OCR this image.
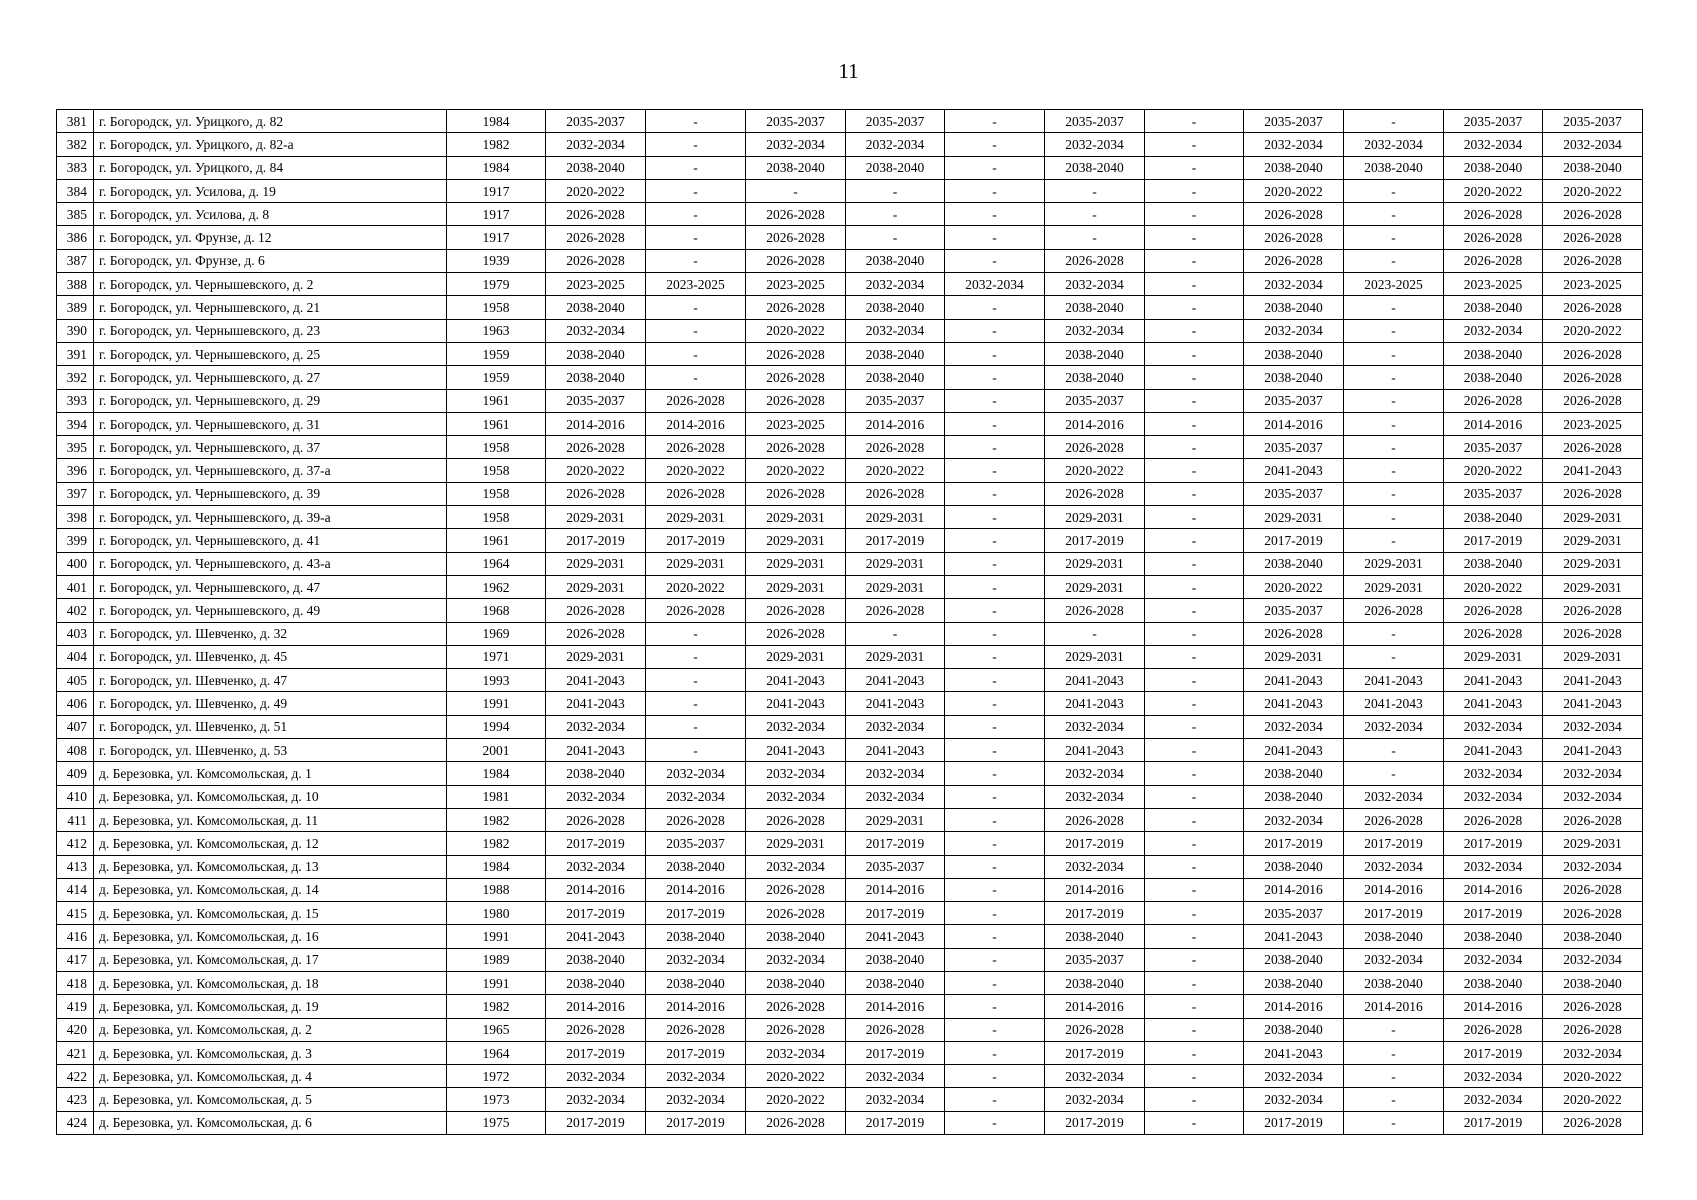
11
381	г. Богородск, ул. Урицкого, д. 82	1984	2035-2037	-	2035-2037	2035-2037	-	2035-2037	-	2035-2037	-	2035-2037	2035-2037
382	г. Богородск, ул. Урицкого, д. 82-а	1982	2032-2034	-	2032-2034	2032-2034	-	2032-2034	-	2032-2034	2032-2034	2032-2034	2032-2034
383	г. Богородск, ул. Урицкого, д. 84	1984	2038-2040	-	2038-2040	2038-2040	-	2038-2040	-	2038-2040	2038-2040	2038-2040	2038-2040
384	г. Богородск, ул. Усилова, д. 19	1917	2020-2022	-	-	-	-	-	-	2020-2022	-	2020-2022	2020-2022
385	г. Богородск, ул. Усилова, д. 8	1917	2026-2028	-	2026-2028	-	-	-	-	2026-2028	-	2026-2028	2026-2028
386	г. Богородск, ул. Фрунзе, д. 12	1917	2026-2028	-	2026-2028	-	-	-	-	2026-2028	-	2026-2028	2026-2028
387	г. Богородск, ул. Фрунзе, д. 6	1939	2026-2028	-	2026-2028	2038-2040	-	2026-2028	-	2026-2028	-	2026-2028	2026-2028
388	г. Богородск, ул. Чернышевского, д. 2	1979	2023-2025	2023-2025	2023-2025	2032-2034	2032-2034	2032-2034	-	2032-2034	2023-2025	2023-2025	2023-2025
389	г. Богородск, ул. Чернышевского, д. 21	1958	2038-2040	-	2026-2028	2038-2040	-	2038-2040	-	2038-2040	-	2038-2040	2026-2028
390	г. Богородск, ул. Чернышевского, д. 23	1963	2032-2034	-	2020-2022	2032-2034	-	2032-2034	-	2032-2034	-	2032-2034	2020-2022
391	г. Богородск, ул. Чернышевского, д. 25	1959	2038-2040	-	2026-2028	2038-2040	-	2038-2040	-	2038-2040	-	2038-2040	2026-2028
392	г. Богородск, ул. Чернышевского, д. 27	1959	2038-2040	-	2026-2028	2038-2040	-	2038-2040	-	2038-2040	-	2038-2040	2026-2028
393	г. Богородск, ул. Чернышевского, д. 29	1961	2035-2037	2026-2028	2026-2028	2035-2037	-	2035-2037	-	2035-2037	-	2026-2028	2026-2028
394	г. Богородск, ул. Чернышевского, д. 31	1961	2014-2016	2014-2016	2023-2025	2014-2016	-	2014-2016	-	2014-2016	-	2014-2016	2023-2025
395	г. Богородск, ул. Чернышевского, д. 37	1958	2026-2028	2026-2028	2026-2028	2026-2028	-	2026-2028	-	2035-2037	-	2035-2037	2026-2028
396	г. Богородск, ул. Чернышевского, д. 37-а	1958	2020-2022	2020-2022	2020-2022	2020-2022	-	2020-2022	-	2041-2043	-	2020-2022	2041-2043
397	г. Богородск, ул. Чернышевского, д. 39	1958	2026-2028	2026-2028	2026-2028	2026-2028	-	2026-2028	-	2035-2037	-	2035-2037	2026-2028
398	г. Богородск, ул. Чернышевского, д. 39-а	1958	2029-2031	2029-2031	2029-2031	2029-2031	-	2029-2031	-	2029-2031	-	2038-2040	2029-2031
399	г. Богородск, ул. Чернышевского, д. 41	1961	2017-2019	2017-2019	2029-2031	2017-2019	-	2017-2019	-	2017-2019	-	2017-2019	2029-2031
400	г. Богородск, ул. Чернышевского, д. 43-а	1964	2029-2031	2029-2031	2029-2031	2029-2031	-	2029-2031	-	2038-2040	2029-2031	2038-2040	2029-2031
401	г. Богородск, ул. Чернышевского, д. 47	1962	2029-2031	2020-2022	2029-2031	2029-2031	-	2029-2031	-	2020-2022	2029-2031	2020-2022	2029-2031
402	г. Богородск, ул. Чернышевского, д. 49	1968	2026-2028	2026-2028	2026-2028	2026-2028	-	2026-2028	-	2035-2037	2026-2028	2026-2028	2026-2028
403	г. Богородск, ул. Шевченко, д. 32	1969	2026-2028	-	2026-2028	-	-	-	-	2026-2028	-	2026-2028	2026-2028
404	г. Богородск, ул. Шевченко, д. 45	1971	2029-2031	-	2029-2031	2029-2031	-	2029-2031	-	2029-2031	-	2029-2031	2029-2031
405	г. Богородск, ул. Шевченко, д. 47	1993	2041-2043	-	2041-2043	2041-2043	-	2041-2043	-	2041-2043	2041-2043	2041-2043	2041-2043
406	г. Богородск, ул. Шевченко, д. 49	1991	2041-2043	-	2041-2043	2041-2043	-	2041-2043	-	2041-2043	2041-2043	2041-2043	2041-2043
407	г. Богородск, ул. Шевченко, д. 51	1994	2032-2034	-	2032-2034	2032-2034	-	2032-2034	-	2032-2034	2032-2034	2032-2034	2032-2034
408	г. Богородск, ул. Шевченко, д. 53	2001	2041-2043	-	2041-2043	2041-2043	-	2041-2043	-	2041-2043	-	2041-2043	2041-2043
409	д. Березовка, ул. Комсомольская, д. 1	1984	2038-2040	2032-2034	2032-2034	2032-2034	-	2032-2034	-	2038-2040	-	2032-2034	2032-2034
410	д. Березовка, ул. Комсомольская, д. 10	1981	2032-2034	2032-2034	2032-2034	2032-2034	-	2032-2034	-	2038-2040	2032-2034	2032-2034	2032-2034
411	д. Березовка, ул. Комсомольская, д. 11	1982	2026-2028	2026-2028	2026-2028	2029-2031	-	2026-2028	-	2032-2034	2026-2028	2026-2028	2026-2028
412	д. Березовка, ул. Комсомольская, д. 12	1982	2017-2019	2035-2037	2029-2031	2017-2019	-	2017-2019	-	2017-2019	2017-2019	2017-2019	2029-2031
413	д. Березовка, ул. Комсомольская, д. 13	1984	2032-2034	2038-2040	2032-2034	2035-2037	-	2032-2034	-	2038-2040	2032-2034	2032-2034	2032-2034
414	д. Березовка, ул. Комсомольская, д. 14	1988	2014-2016	2014-2016	2026-2028	2014-2016	-	2014-2016	-	2014-2016	2014-2016	2014-2016	2026-2028
415	д. Березовка, ул. Комсомольская, д. 15	1980	2017-2019	2017-2019	2026-2028	2017-2019	-	2017-2019	-	2035-2037	2017-2019	2017-2019	2026-2028
416	д. Березовка, ул. Комсомольская, д. 16	1991	2041-2043	2038-2040	2038-2040	2041-2043	-	2038-2040	-	2041-2043	2038-2040	2038-2040	2038-2040
417	д. Березовка, ул. Комсомольская, д. 17	1989	2038-2040	2032-2034	2032-2034	2038-2040	-	2035-2037	-	2038-2040	2032-2034	2032-2034	2032-2034
418	д. Березовка, ул. Комсомольская, д. 18	1991	2038-2040	2038-2040	2038-2040	2038-2040	-	2038-2040	-	2038-2040	2038-2040	2038-2040	2038-2040
419	д. Березовка, ул. Комсомольская, д. 19	1982	2014-2016	2014-2016	2026-2028	2014-2016	-	2014-2016	-	2014-2016	2014-2016	2014-2016	2026-2028
420	д. Березовка, ул. Комсомольская, д. 2	1965	2026-2028	2026-2028	2026-2028	2026-2028	-	2026-2028	-	2038-2040	-	2026-2028	2026-2028
421	д. Березовка, ул. Комсомольская, д. 3	1964	2017-2019	2017-2019	2032-2034	2017-2019	-	2017-2019	-	2041-2043	-	2017-2019	2032-2034
422	д. Березовка, ул. Комсомольская, д. 4	1972	2032-2034	2032-2034	2020-2022	2032-2034	-	2032-2034	-	2032-2034	-	2032-2034	2020-2022
423	д. Березовка, ул. Комсомольская, д. 5	1973	2032-2034	2032-2034	2020-2022	2032-2034	-	2032-2034	-	2032-2034	-	2032-2034	2020-2022
424	д. Березовка, ул. Комсомольская, д. 6	1975	2017-2019	2017-2019	2026-2028	2017-2019	-	2017-2019	-	2017-2019	-	2017-2019	2026-2028
